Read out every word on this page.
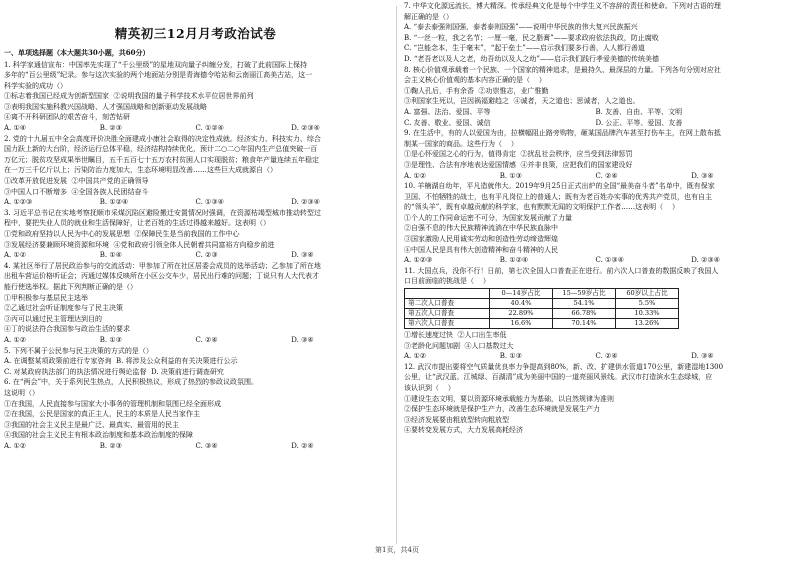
精英初三12月月考政治试卷
一、单项选择题（本大题共30小题，共60分）
1. 科学家通信宣布：中国率先实现了“千公里级”的星地双向量子纠缠分发，打破了此前国际上保持
多年的“百公里级”纪录。参与这次实验的两个地面站分别是青海德令哈站和云南丽江高美古站，这一
科学实验的成功（）
①标志着我国已经成为创新型国家  ②说明我国的量子科学技术水平位居世界前列
③表明我国实施科教兴国战略、人才强国战略和创新驱动发展战略
④离不开科研团队的艰苦奋斗，刻苦钻研
A. ①④	B. ②③	C. ①②④	D. ②③④
2. 党的十九届五中全会高度评价决胜全面建成小康社会取得的决定性成就。经济实力、科技实力、综合
国力跃上新的大台阶，经济运行总体平稳，经济结构持续优化，预计二○二○年国内生产总值突破一百
万亿元；脱贫攻坚成果举世瞩目，五千五百七十五万农村贫困人口实现脱贫；粮食年产量连续五年稳定
在一万三千亿斤以上；污染防治力度加大，生态环境明显改善……这些巨大成就源自（）
①改革开放促进发展  ②中国共产党的正确领导
③中国人口不断增多  ④全国各族人民团结奋斗
A. ①②③	B. ①②④	C. ①③④	D. ②③④
3. 习近平总书记在实地考察抚顺市采煤沉陷区避险搬迁安置情况时强调，在资源枯竭型城市推动转型过
程中，要把失业人员的就业和生活保障好，让老百姓的生活过得越来越好。这表明（）
①党和政府坚持以人民为中心的发展思想  ②保障民生是当前我国的工作中心
③发展经济要兼顾环境资源和环境  ④党和政府引领全体人民朝着共同富裕方向稳步前进
A. ①②	B. ①④	C. ②③	D. ③④
4. 某社区举行了居民政治参与的交流活动：甲参加了所在社区居委会成员的选举活动；乙参加了所在地
出租车营运价格听证会；丙通过媒体反映所在小区公交车少，居民出行难的问题；丁说只有人大代表才
能行使选举权。据此下列判断正确的是（）
①甲积极参与基层民主选举
②乙通过社会听证制度参与了民主决策
③丙可以通过民主管理达到目的
④丁的说法符合我国参与政治生活的要求
A. ①②	B. ①③	C. ②④	D. ③④
5. 下列不属于公民参与民主决策的方式的是（）
A. 在调整某项政策前进行专家咨询  B. 将涉及公众利益的有关决策进行公示
C. 对某政府执法部门的执法情况进行舆论监督  D. 决策前进行调查研究
6. 在“两会”中，关于系列民生热点，人民积极热议，形成了热烈的参政议政氛围。
这说明（）
①在我国，人民直接参与国家大小事务的管理机制和氛围已经全面形成
②在我国，公民是国家的真正主人，民主的本质是人民当家作主
③我国的社会主义民主是最广泛、最真实、最管用的民主
④我国的社会主义民主有根本政治制度和基本政治制度的保障
A. ①②	B. ②③	C. ③④	D. ②④
7. 中华文化源远流长，博大精深。传承经典文化是每个中学生义不容辞的责任和使命。下列对古语的理
解正确的是（）
A. “泰去泰强则国强，泰者泰则国强”——说明中华民族的伟大复兴民族振兴
B. “一丝一粒，我之名节；一厘一毫，民之脂膏”——要求政府依法执政，防止腐败
C. “岂能念本，生于毫末”，“起于垒土”——启示我们要多行善，人人都行善道
D. “老吾老以及人之老，幼吾幼以及人之幼”——启示我们践行孝爱美德的传统美德
8. 核心价值观承载着一个民族、一个国家的精神追求，是最持久、最深层的力量。下列各句分别对应社
会主义核心价值观的基本内容正确的是（    ）
①鞠人孔后，手有余香  ②功崇惟志，业广惟勤
③利国家生死以，岂因祸福避趋之  ④诚者，天之道也；思诚者，人之道也。
A. 富强、法治、爱国、平等	B. 友善、自由、平等、文明
C. 友善、敬业、爱国、诚信	D. 公正、平等、爱国、友善
9. 在生活中，有的人以爱国为由，拉横幅阻止路旁购物，砸某国品牌汽车甚至打伤车主，在网上散布抵
制某一国家的商品。这些行为（    ）
①是心怀爱国之心的行为，值得肯定  ②扰乱社会秩序，应当受到法律惩罚
③是理性、合法有序地表达爱国情感  ④并非良策，应把我们的国家建设好
A. ①②	B. ①③	C. ②④	D. ③④
10. 羊楠湖自幼年，平凡造就伟大。2019年9月25日正式出炉的全国“最美奋斗者”名单中，既有保家
卫国、不怕牺牲的战士，也有平凡岗位上的普通人；既有为老百姓办实事的优秀共产党员，也有自主
的“领头羊”，既有卓越贡献的科学家，也有默默无闻的文明保护工作者……这表明（    ）
①个人的工作同命运密不可分，为国家发展贡献了力量
②自强不息的伟大民族精神流淌在中华民族血脉中
③国家激励人民用诚实劳动和创造性劳动缔造辉煌
④中国人民是具有伟大创造精神和奋斗精神的人民
A. ①②③	B. ①②④	C. ①③④	D. ②③④
11. 大国点兵，没你不行！日前，第七次全国人口普查正在进行。前六次人口普查的数据反映了我国人
口目前面临的挑战是（    ）
	0—14岁占比	15—59岁占比	60岁以上占比
第二次人口普查	40.4%	54.1%	5.5%
第五次人口普查	22.89%	66.78%	10.33%
第六次人口普查	16.6%	70.14%	13.26%
①增长速度过快  ②人口出生率低
③老龄化问题加剧  ④人口基数过大
A. ①②	B. ①③	C. ②④	D. ③④
12. 武汉市提出要将空气质量优良率力争提高到80%，新、改、扩建供水管道170公里，新建湿地1300
公里，让“武汉蓝、江城绿、百湖清”成为美丽中国的一道亮丽风景线。武汉市打造滨水生态绿城，应
该认识到（    ）
①建设生态文明，要以资源环境承载能力为基础，以自然规律为准则
②保护生态环境就是保护生产力，改善生态环境就是发展生产力
③经济发展要由粗放型转向粗放型
④要转变发展方式，大力发展高耗经济
第1页，共4页
